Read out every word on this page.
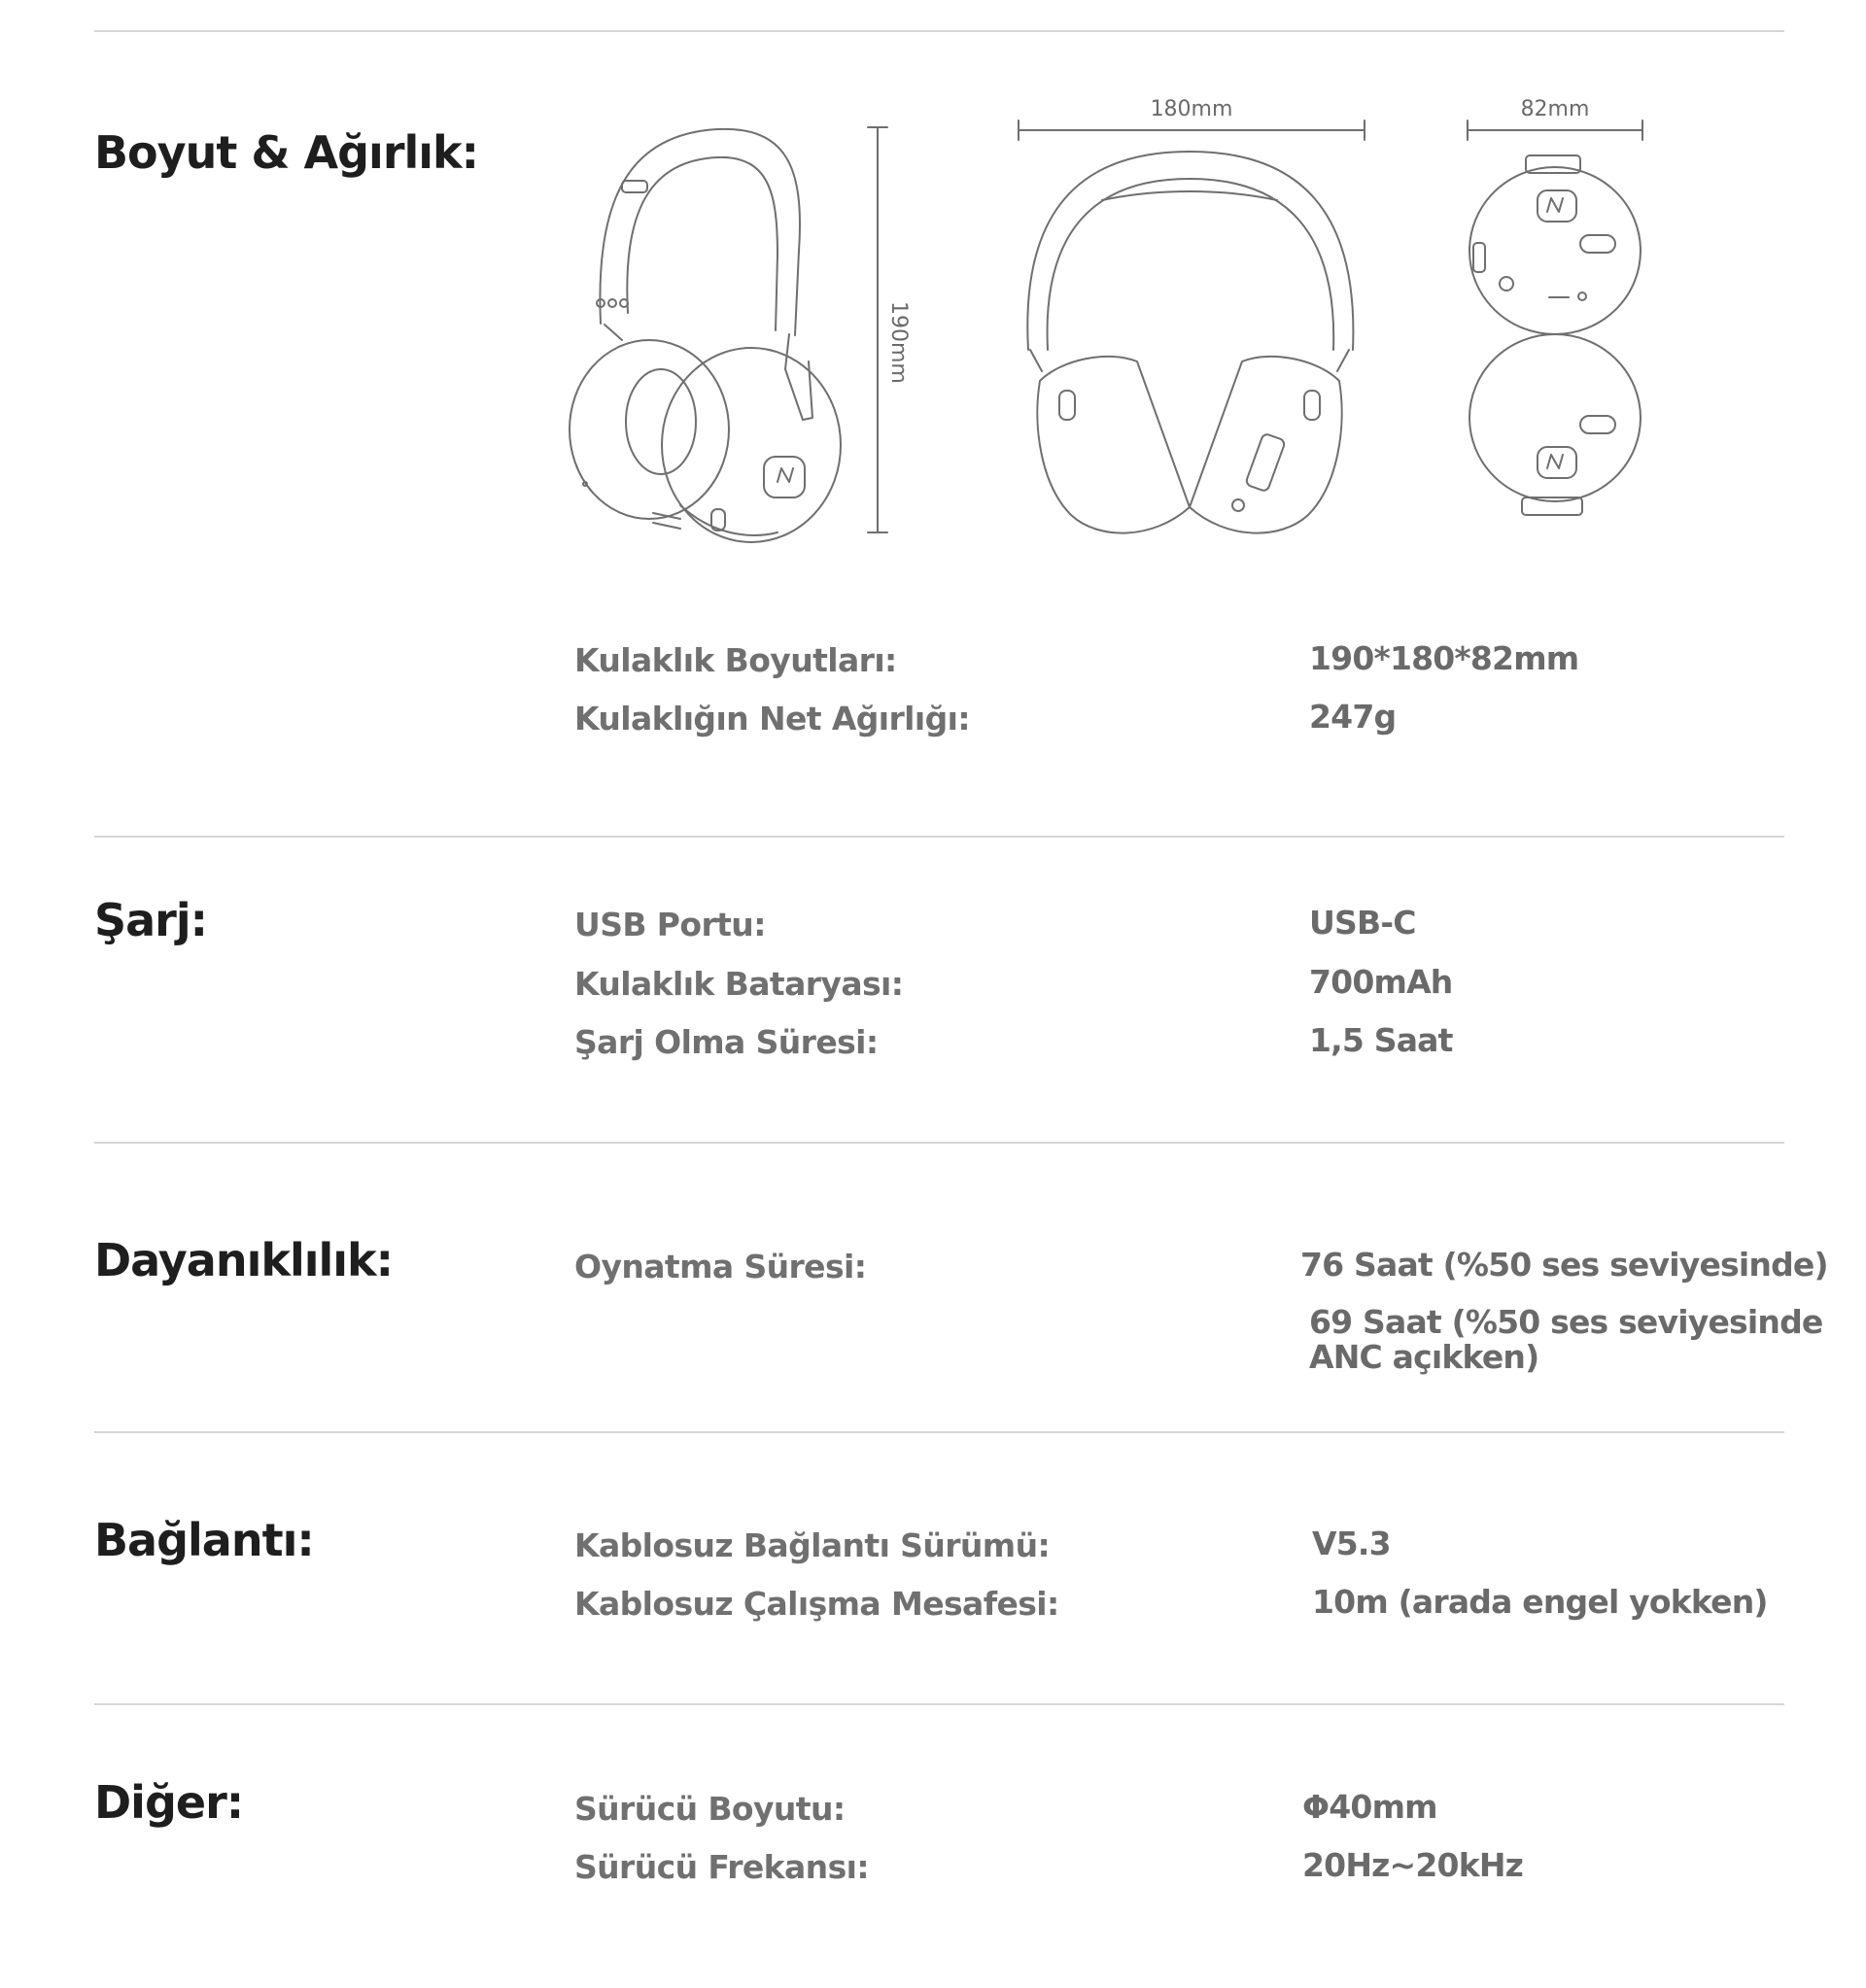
190mm
180mm	82mm
Boyut & Ağırlık:
Kulaklık Boyutları:	190*180*82mm
Kulaklığın Net Ağırlığı:	247g
Şarj:	USB Portu:	USB-C
Kulaklık Bataryası:	700mAh
Şarj Olma Süresi:	1,5 Saat
Dayanıklılık:	Oynatma Süresi:	76 Saat (%50 ses seviyesinde)
69 Saat (%50 ses seviyesinde
ANC açıkken)
Bağlantı:	Kablosuz Bağlantı Sürümü:	V5.3
Kablosuz Çalışma Mesafesi:	10m (arada engel yokken)
Diğer:	Sürücü Boyutu:	Φ40mm
Sürücü Frekansı:	20Hz~20kHz
